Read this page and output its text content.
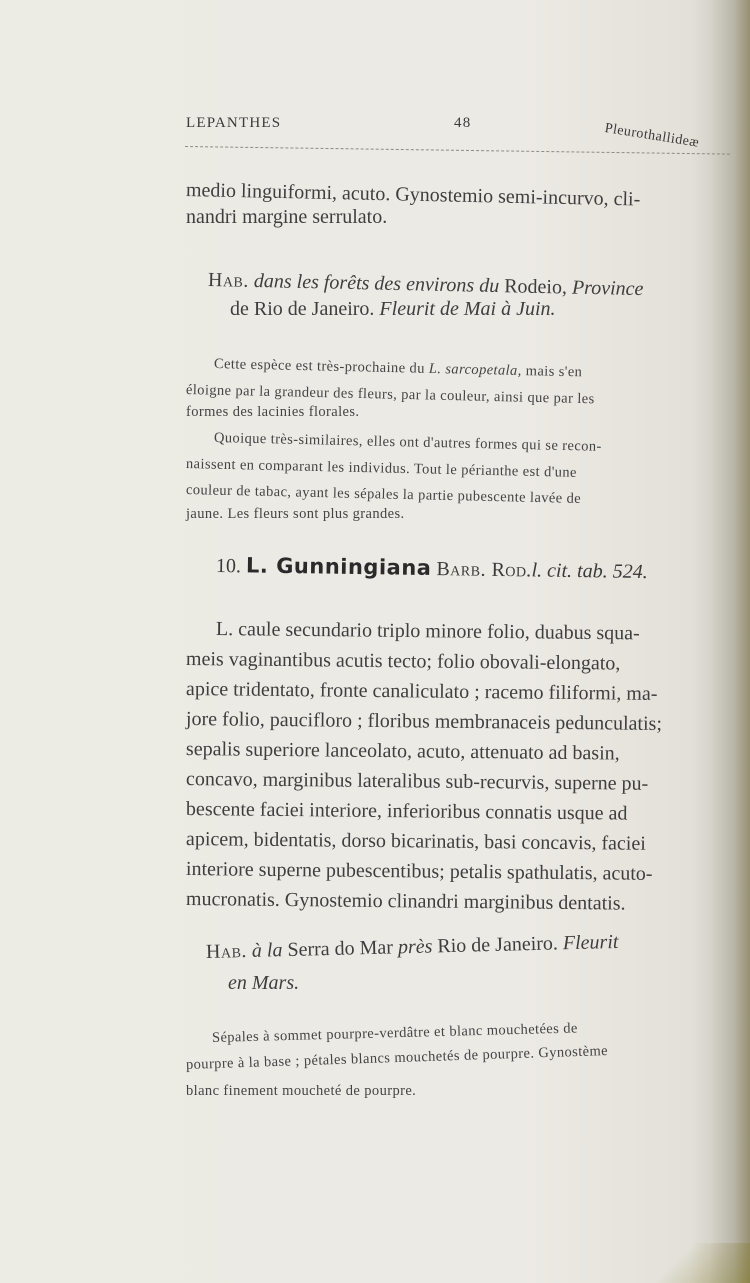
LEPANTHES	48	Pleurothallideæ
medio linguiformi, acuto. Gynostemio semi-incurvo, cli-
nandri margine serrulato.
Hab. dans les forêts des environs du Rodeio, Province
de Rio de Janeiro. Fleurit de Mai à Juin.
Cette espèce est très-prochaine du L. sarcopetala, mais s'en
éloigne par la grandeur des fleurs, par la couleur, ainsi que par les
formes des lacinies florales.
Quoique très-similaires, elles ont d'autres formes qui se recon-
naissent en comparant les individus. Tout le périanthe est d'une
couleur de tabac, ayant les sépales la partie pubescente lavée de
jaune. Les fleurs sont plus grandes.
10. L. Gunningiana Barb. Rod.l. cit. tab. 524.
L. caule secundario triplo minore folio, duabus squa-
meis vaginantibus acutis tecto; folio obovali-elongato,
apice tridentato, fronte canaliculato ; racemo filiformi, ma-
jore folio, paucifloro ; floribus membranaceis pedunculatis;
sepalis superiore lanceolato, acuto, attenuato ad basin,
concavo, marginibus lateralibus sub-recurvis, superne pu-
bescente faciei interiore, inferioribus connatis usque ad
apicem, bidentatis, dorso bicarinatis, basi concavis, faciei
interiore superne pubescentibus; petalis spathulatis, acuto-
mucronatis. Gynostemio clinandri marginibus dentatis.
Hab. à la Serra do Mar près Rio de Janeiro. Fleurit
en Mars.
Sépales à sommet pourpre-verdâtre et blanc mouchetées de
pourpre à la base ; pétales blancs mouchetés de pourpre. Gynostème
blanc finement moucheté de pourpre.
